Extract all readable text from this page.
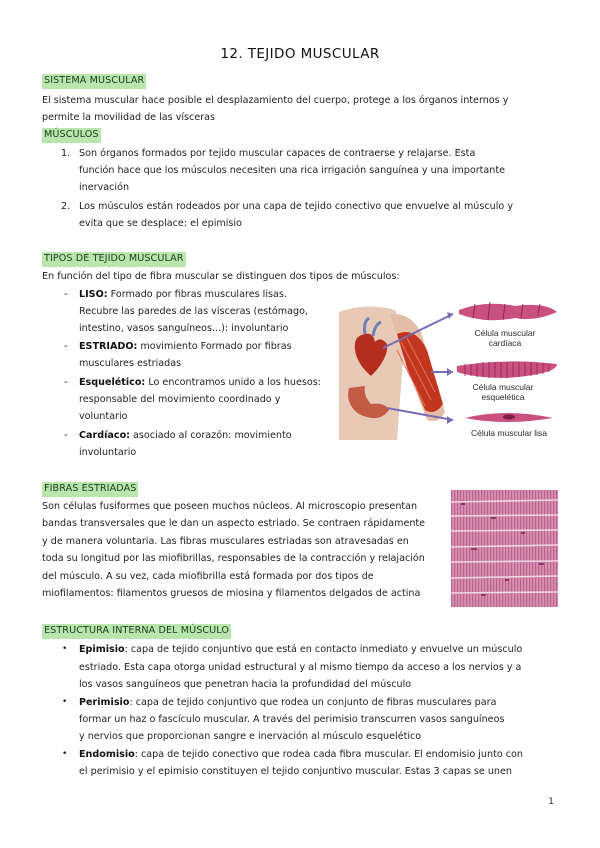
12. TEJIDO MUSCULAR
SISTEMA MUSCULAR
El sistema muscular hace posible el desplazamiento del cuerpo, protege a los órganos internos y
permite la movilidad de las vísceras
MÚSCULOS
1. Son órganos formados por tejido muscular capaces de contraerse y relajarse. Esta
función hace que los músculos necesiten una rica irrigación sanguínea y una importante
inervación
2. Los músculos están rodeados por una capa de tejido conectivo que envuelve al músculo y
evita que se desplace: el epimisio
TIPOS DE TEJIDO MUSCULAR
En función del tipo de fibra muscular se distinguen dos tipos de músculos:
- LISO: Formado por fibras musculares lisas.
Recubre las paredes de las vísceras (estómago,
intestino, vasos sanguíneos...): involuntario
- ESTRIADO: movimiento Formado por fibras
musculares estriadas
- Esquelético: Lo encontramos unido a los huesos:
responsable del movimiento coordinado y
voluntario
- Cardíaco: asociado al corazón: movimiento
involuntario
Célula muscular
cardíaca
Célula muscular
esquelética
Célula muscular lisa
FIBRAS ESTRIADAS
Son células fusiformes que poseen muchos núcleos. Al microscopio presentan
bandas transversales que le dan un aspecto estriado. Se contraen rápidamente
y de manera voluntaria. Las fibras musculares estriadas son atravesadas en
toda su longitud por las miofibrillas, responsables de la contracción y relajación
del músculo. A su vez, cada miofibrilla está formada por dos tipos de
miofilamentos: filamentos gruesos de miosina y filamentos delgados de actina
ESTRUCTURA INTERNA DEL MÚSCULO
• Epimisio: capa de tejido conjuntivo que está en contacto inmediato y envuelve un músculo
estriado. Esta capa otorga unidad estructural y al mismo tiempo da acceso a los nervios y a
los vasos sanguíneos que penetran hacia la profundidad del músculo
• Perimisio: capa de tejido conjuntivo que rodea un conjunto de fibras musculares para
formar un haz o fascículo muscular. A través del perimisio transcurren vasos sanguíneos
y nervios que proporcionan sangre e inervación al músculo esquelético
• Endomisio: capa de tejido conectivo que rodea cada fibra muscular. El endomisio junto con
el perimisio y el epimisio constituyen el tejido conjuntivo muscular. Estas 3 capas se unen
1
